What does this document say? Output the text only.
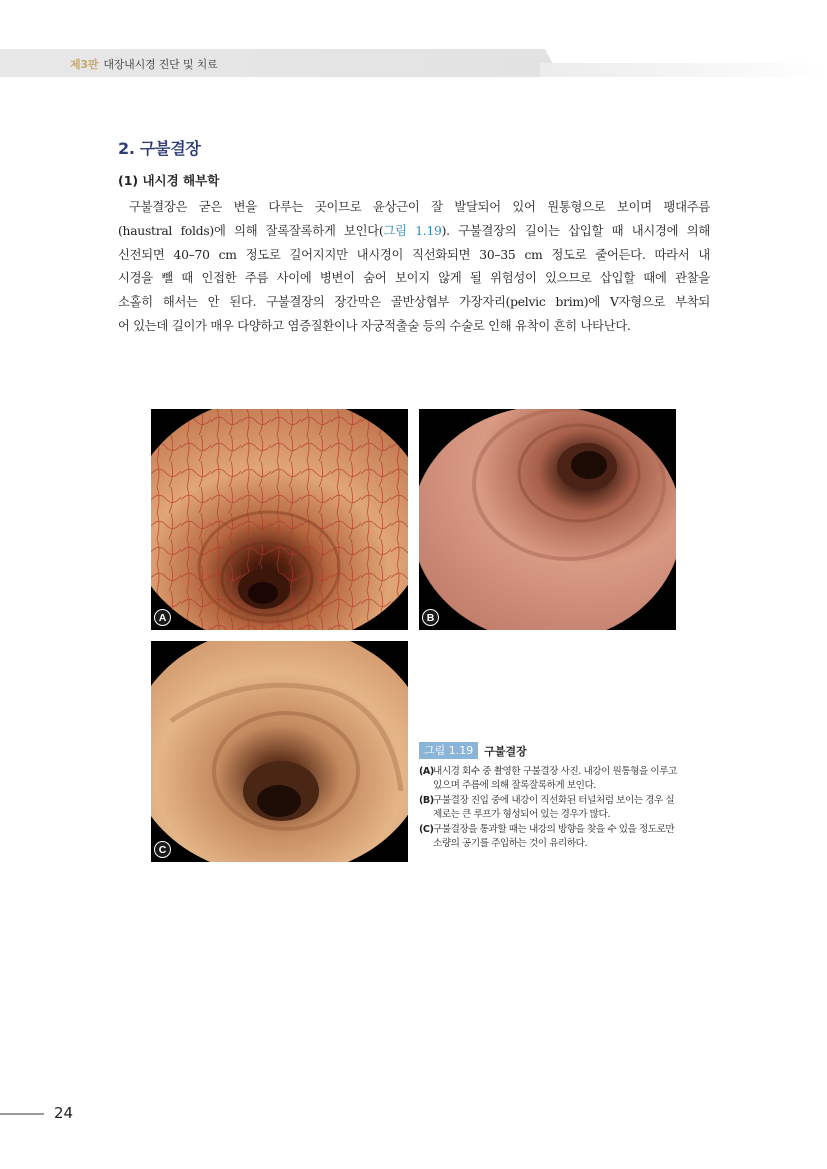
제3판 대장내시경 진단 및 치료
2. 구불결장
(1) 내시경 해부학
구불결장은 굳은 변을 다루는 곳이므로 윤상근이 잘 발달되어 있어 원통형으로 보이며 팽대주름
(haustral folds)에 의해 잘록잘록하게 보인다(그림 1.19). 구불결장의 길이는 삽입할 때 내시경에 의해
신전되면 40–70 cm 정도로 길어지지만 내시경이 직선화되면 30–35 cm 정도로 줄어든다. 따라서 내
시경을 뺄 때 인접한 주름 사이에 병변이 숨어 보이지 않게 될 위험성이 있으므로 삽입할 때에 관찰을
소홀히 해서는 안 된다. 구불결장의 장간막은 골반상협부 가장자리(pelvic brim)에 V자형으로 부착되
어 있는데 길이가 매우 다양하고 염증질환이나 자궁적출술 등의 수술로 인해 유착이 흔히 나타난다.
A	B
C
그림 1.19	구불결장
(A)내시경 회수 중 촬영한 구불결장 사진. 내강이 원통형을 이루고 있으며 주름에 의해 잘록잘록하게 보인다.
(B)구불결장 진입 중에 내강이 직선화된 터널처럼 보이는 경우 실제로는 큰 루프가 형성되어 있는 경우가 많다.
(C)구불결장을 통과할 때는 내강의 방향을 찾을 수 있을 정도로만 소량의 공기를 주입하는 것이 유리하다.
24
